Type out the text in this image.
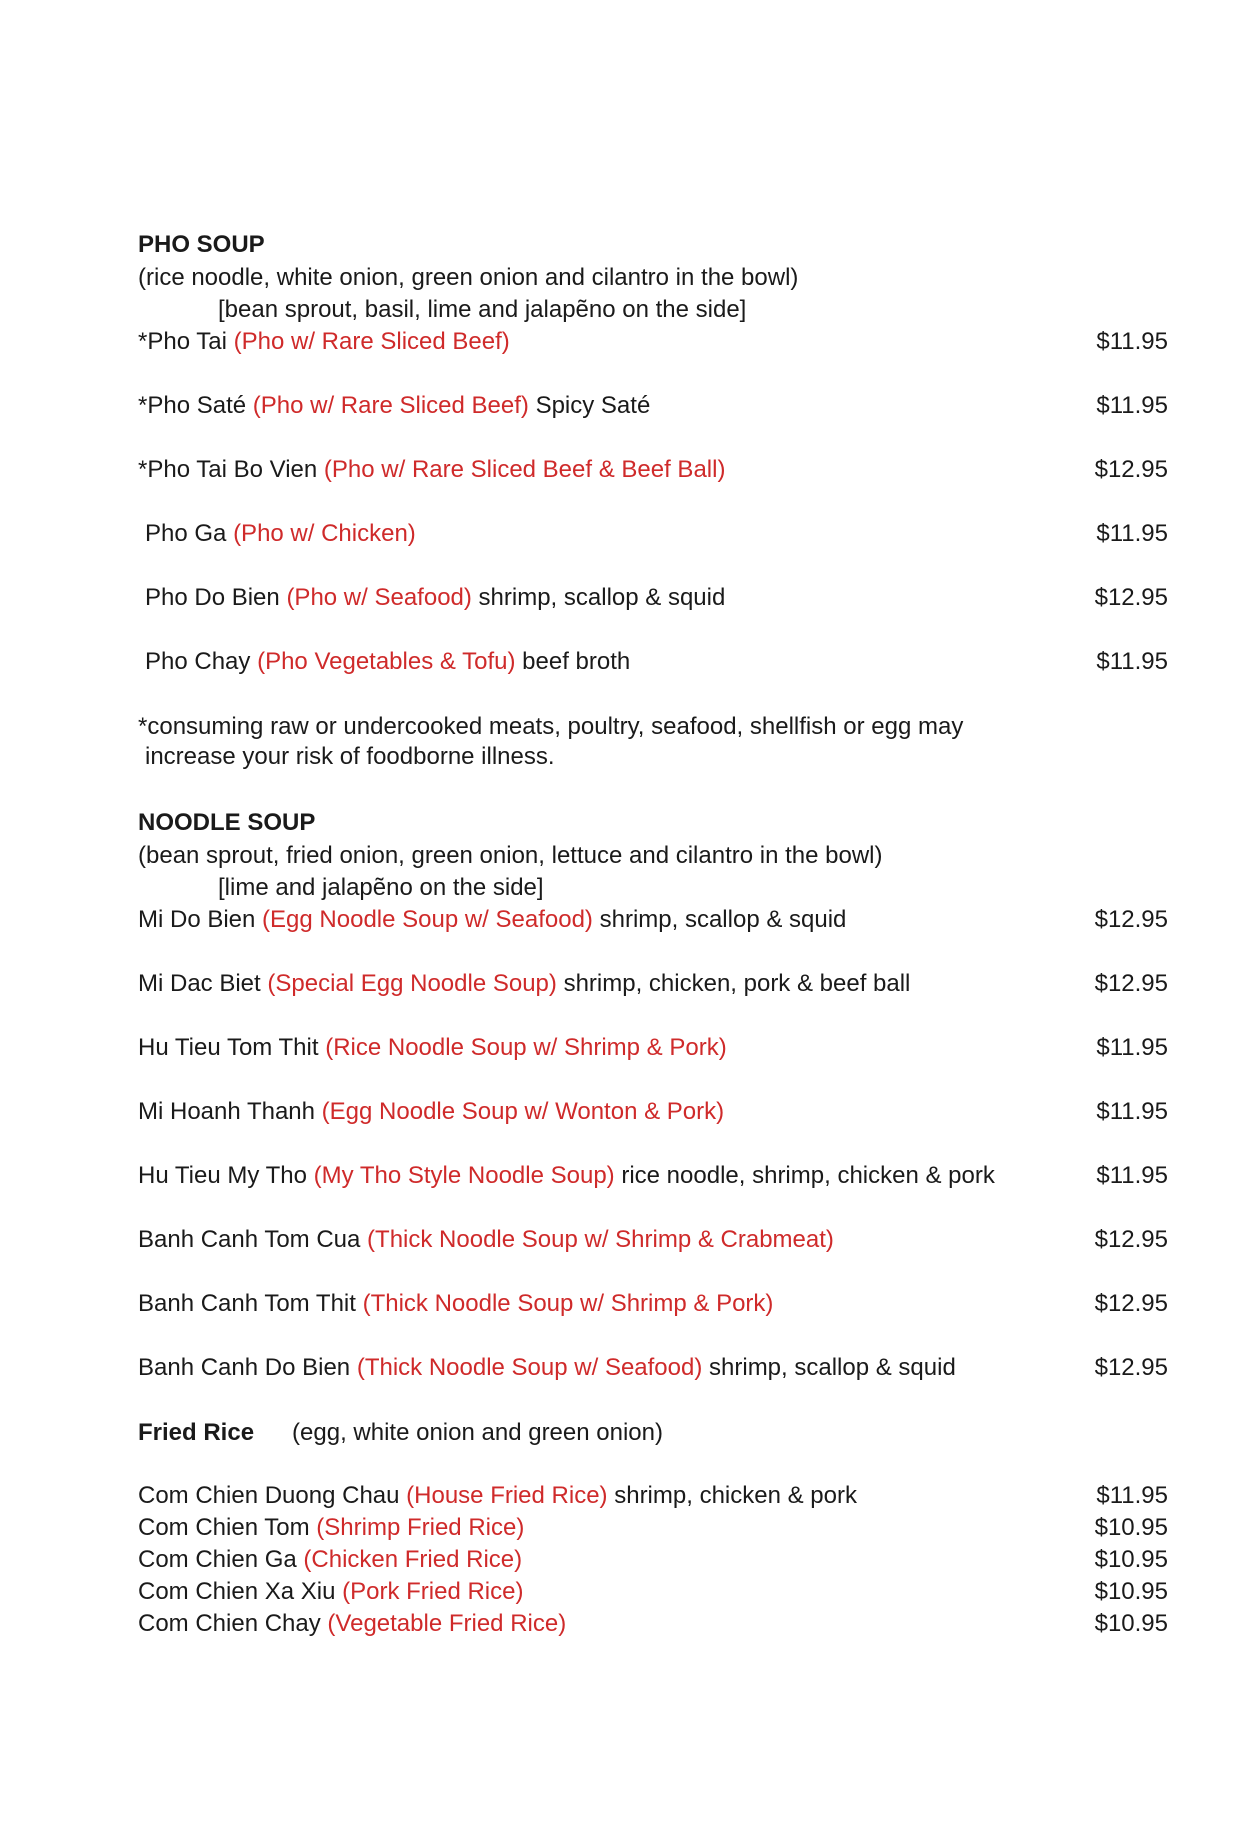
PHO SOUP
(rice noodle, white onion, green onion and cilantro in the bowl)
[bean sprout, basil, lime and jalapẽno on the side]
*Pho Tai (Pho w/ Rare Sliced Beef)	$11.95
*Pho Saté (Pho w/ Rare Sliced Beef) Spicy Saté	$11.95
*Pho Tai Bo Vien (Pho w/ Rare Sliced Beef & Beef Ball)	$12.95
Pho Ga (Pho w/ Chicken)	$11.95
Pho Do Bien (Pho w/ Seafood) shrimp, scallop & squid	$12.95
Pho Chay (Pho Vegetables & Tofu) beef broth	$11.95
*consuming raw or undercooked meats, poultry, seafood, shellfish or egg may
increase your risk of foodborne illness.
NOODLE SOUP
(bean sprout, fried onion, green onion, lettuce and cilantro in the bowl)
[lime and jalapẽno on the side]
Mi Do Bien (Egg Noodle Soup w/ Seafood) shrimp, scallop & squid	$12.95
Mi Dac Biet (Special Egg Noodle Soup) shrimp, chicken, pork & beef ball	$12.95
Hu Tieu Tom Thit (Rice Noodle Soup w/ Shrimp & Pork)	$11.95
Mi Hoanh Thanh (Egg Noodle Soup w/ Wonton & Pork)	$11.95
Hu Tieu My Tho (My Tho Style Noodle Soup) rice noodle, shrimp, chicken & pork	$11.95
Banh Canh Tom Cua (Thick Noodle Soup w/ Shrimp & Crabmeat)	$12.95
Banh Canh Tom Thit (Thick Noodle Soup w/ Shrimp & Pork)	$12.95
Banh Canh Do Bien (Thick Noodle Soup w/ Seafood) shrimp, scallop & squid	$12.95
Fried Rice (egg, white onion and green onion)
Com Chien Duong Chau (House Fried Rice) shrimp, chicken & pork	$11.95
Com Chien Tom (Shrimp Fried Rice)	$10.95
Com Chien Ga (Chicken Fried Rice)	$10.95
Com Chien Xa Xiu (Pork Fried Rice)	$10.95
Com Chien Chay (Vegetable Fried Rice)	$10.95
